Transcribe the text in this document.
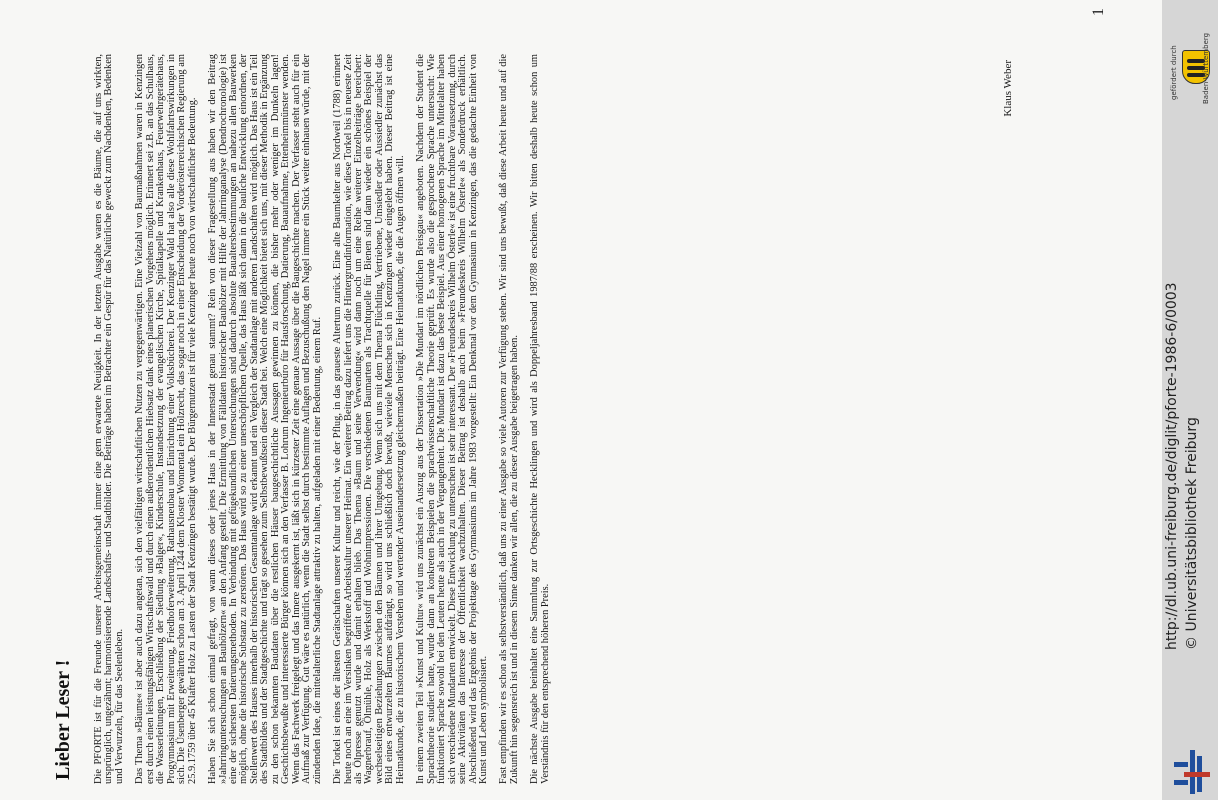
Lieber Leser ! Die PFORTE ist für die Freunde unserer Arbeitsgemeinschaft immer eine gern erwartete Neuigkeit. In der letzten Ausgabe waren es die Bäume, die auf uns wirkten, ursprünglich, ungezähmt; harmonisierende Landschafts- und Stadtbilder. Die Beiträge haben im Betrachter ein Gespür für das Natürliche geweckt zum Nachdenken, Bedenken und Verwurzeln, für das Seelenleben. Das Thema »Bäume« ist aber auch dazu angetan, sich den vielfältigen wirtschaftlichen Nutzen zu vergegenwärtigen. Eine Vielzahl von Baumaßnahmen waren in Kenzingen erst durch einen leistungsfähigen Wirtschaftswald und durch einen außerordentlichen Hiebsatz dank eines planerischen Vorgehens möglich. Erinnert sei z.B. an das Schulhaus, die Wasserleitungen, Erschließung der Siedlung »Balger«, Kinderschule, Instandsetzung der evangelischen Kirche, Spitalkapelle und Krankenhaus, Feuerwehrgerätehaus, Progymnasium mit Erweiterung, Friedhoferweiterung, Rathausneubau und Einrichtung einer Volksbücherei. Der Kenzinger Wald hat also alle diese Wohlfahrtswirkungen in sich. Die Üsenberger gewährten schon am 3. April 1244 dem Kloster Wonnental ein Holzrecht, das sogar noch in einer Entscheidung der Vorderösterreichischen Regierung am 25.9.1759 über 45 Klafter Holz zu Lasten der Stadt Kenzingen bestätigt wurde. Der Bürgernutzen ist für viele Kenzinger heute noch von wirtschaftlicher Bedeutung. Haben Sie sich schon einmal gefragt, von wann dieses oder jenes Haus in der Innenstadt genau stammt? Rein von dieser Fragestellung aus haben wir den Beitrag »Jahrringuntersuchungen an Bauhölzern« an den Anfang gestellt. Die Ermittlung von Fälldaten historischer Bauhölzer mit Hilfe der Jahrringanalyse (Dendrochronologie) ist eine der sichersten Datierungsmethoden. In Verbindung mit gefügekundlichen Untersuchungen sind dadurch absolute Baualtersbestimmungen an nahezu allen Bauwerken möglich, ohne die historische Substanz zu zerstören. Das Haus wird so zu einer unerschöpflichen Quelle, das Haus läßt sich dann in die bauliche Entwicklung einordnen, der Stellenwert des Hauses innerhalb der historischen Gesamtanlage wird erkannt und ein Vergleich der Stadtanlage mit anderen Landschaften wird möglich. Das Haus ist ein Teil des Stadtbildes und der Stadtgeschichte und trägt so gesehen zum Selbstbewußtsein dieser Stadt bei. Welch eine Möglichkeit bietet sich uns, mit dieser Methodik in Ergänzung zu den schon bekannten Baudaten über die restlichen Häuser baugeschichtliche Aussagen gewinnen zu können, die bisher mehr oder weniger im Dunkeln lagen! Geschichtsbewußte und interessierte Bürger können sich an den Verfasser B. Lohrum Ingenieurbüro für Hausforschung, Datierung, Bauaufnahme, Ettenheimmünster wenden. Wenn das Fachwerk freigelegt und das Innere ausgekernt ist, läßt sich in kürzester Zeit eine genaue Aussage über die Baugeschichte machen. Der Verfasser steht auch für ein Aufmaß zur Verfügung. Gut wäre es natürlich, wenn die Stadt selbst durch bestimmte Auflagen und Bezuschußung den Nagel immer ein Stück weiter einhauen würde, mit der zündenden Idee, die mittelalterliche Stadtanlage attraktiv zu halten, aufgeladen mit einer Bedeutung, einem Ruf. Die Torkel ist eines der ältesten Gerätschaften unserer Kultur und reicht, wie der Pflug, in das graueste Altertum zurück. Eine alte Baumkelter aus Nordweil (1788) erinnert heute noch an eine im Versinken begriffene Arbeitskultur unserer Heimat. Ein weiterer Beitrag dazu liefert uns die Hintergrundinformation, wie diese Torkel bis in neueste Zeit als Ölpresse genutzt wurde und damit erhalten blieb. Das Thema »Baum und seine Verwendung« wird dann noch um eine Reihe weiterer Einzelbeiträge bereichert: Wagnerbrauf, Ölmühle, Holz als Werkstoff und Wohnimpressionen. Die verschiedenen Baumarten als Trachtquelle für Bienen sind dann wieder ein schönes Beispiel der wechselseitigen Beziehungen zwischen den Bäumen und ihrer Umgebung. Wenn sich uns mit dem Thema Flüchtling, Vertriebene, Umsiedler oder Aussiedler zunächst das Bild eines entwurzelten Baumes aufdrängt, so wird uns schließlich doch bewußt, wieviele Menschen sich in Kenzingen wieder eingelebt haben. Dieser Beitrag ist eine Heimatkunde, die zu historischem Verstehen und wertender Auseinandersetzung gleichermaßen beiträgt. Eine Heimatkunde, die die Augen öffnen will. In einem zweiten Teil »Kunst und Kultur« wird uns zunächst ein Auszug aus der Dissertation »Die Mundart im nördlichen Breisgau« angeboten. Nachdem der Student die Sprachtheorie studiert hatte, wurde dann an konkreten Beispielen die sprachwissenschaftliche Theorie geprüft. Es wurde also die gesprochene Sprache untersucht: Wie funktioniert Sprache sowohl bei den Leuten heute als auch in der Vergangenheit. Die Mundart ist dazu das beste Beispiel. Aus einer homogenen Sprache im Mittelalter haben sich verschiedene Mundarten entwickelt. Diese Entwicklung zu untersuchen ist sehr interessant. Der »Freundeskreis Wilhelm Österle« ist eine fruchtbare Voraussetzung, durch seine Aktivitäten das Interesse der Öffentlichkeit wachzuhalten. Dieser Beitrag ist deshalb auch beim »Freundeskreis Wilhelm Österle« als Sonderdruck erhältlich. Abschließend wird das Ergebnis der Projekttage des Gymnasiums im Jahre 1983 vorgestellt: Ein Denkmal vor dem Gymnasium in Kenzingen, das die gedachte Einheit von Kunst und Leben symbolisiert. Fast empfinden wir es schon als selbstverständlich, daß uns zu einer Ausgabe so viele Autoren zur Verfügung stehen. Wir sind uns bewußt, daß diese Arbeit heute und auf die Zukunft hin segensreich ist und in diesem Sinne danken wir allen, die zu dieser Ausgabe beigetragen haben. Die nächste Ausgabe beinhaltet eine Sammlung zur Ortsgeschichte Hecklingen und wird als Doppeljahresband 1987/88 erscheinen. Wir bitten deshalb heute schon um Verständnis für den entsprechend höheren Preis.

Klaus Weber
1
http://dl.ub.uni-freiburg.de/diglit/pforte-1986-6/0003 © Universitätsbibliothek Freiburg
gefördert durch	Baden-Württemberg
